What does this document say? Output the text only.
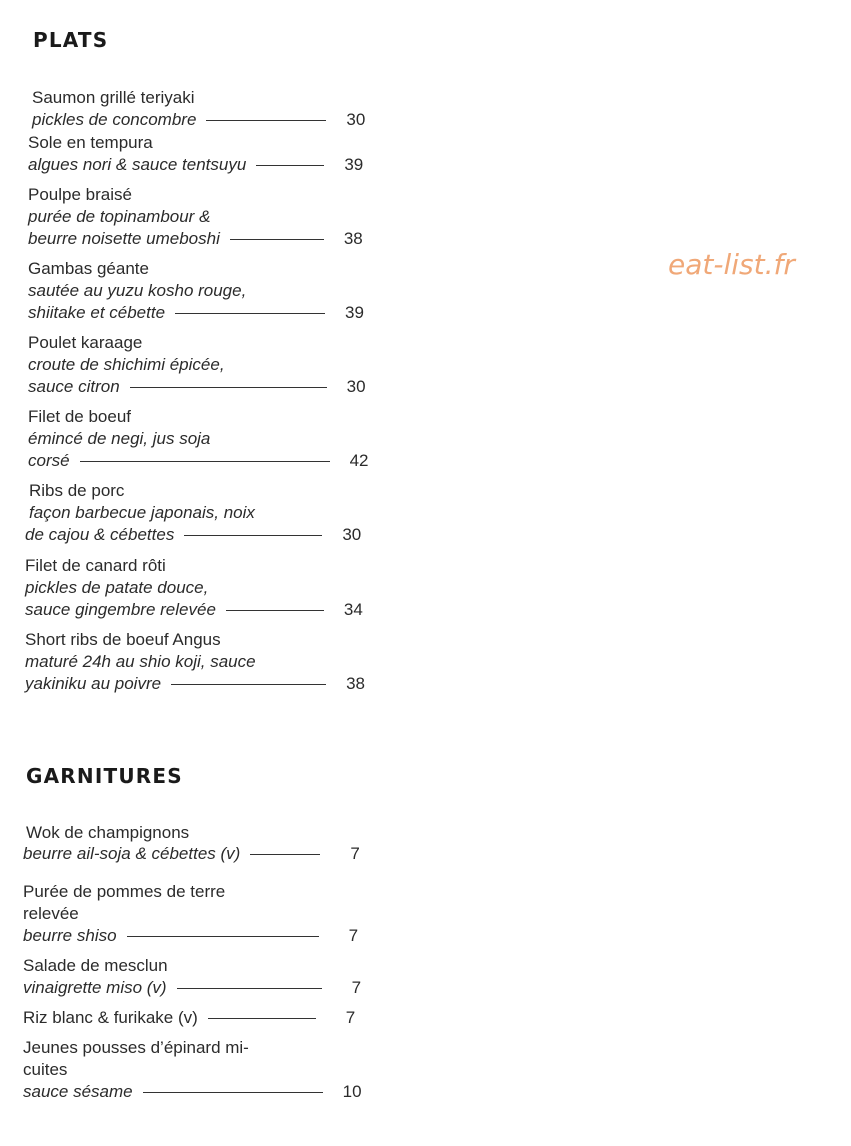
PLATS
Saumon grillé teriyaki
pickles de concombre	30
Sole en tempura
algues nori & sauce tentsuyu	39
Poulpe braisé
purée de topinambour &
beurre noisette umeboshi	38
Gambas géante
sautée au yuzu kosho rouge,
shiitake et cébette	39
Poulet karaage
croute de shichimi épicée,
sauce citron	30
Filet de boeuf
émincé de negi, jus soja
corsé	42
Ribs de porc
façon barbecue japonais, noix
de cajou & cébettes	30
Filet de canard rôti
pickles de patate douce,
sauce gingembre relevée	34
Short ribs de boeuf Angus
maturé 24h au shio koji, sauce
yakiniku au poivre	38
GARNITURES
Wok de champignons
beurre ail-soja & cébettes (v)	7
Purée de pommes de terre
relevée
beurre shiso	7
Salade de mesclun
vinaigrette miso (v)	7
Riz blanc & furikake (v)	7
Jeunes pousses d’épinard mi-
cuites
sauce sésame	10
eat-list.fr
